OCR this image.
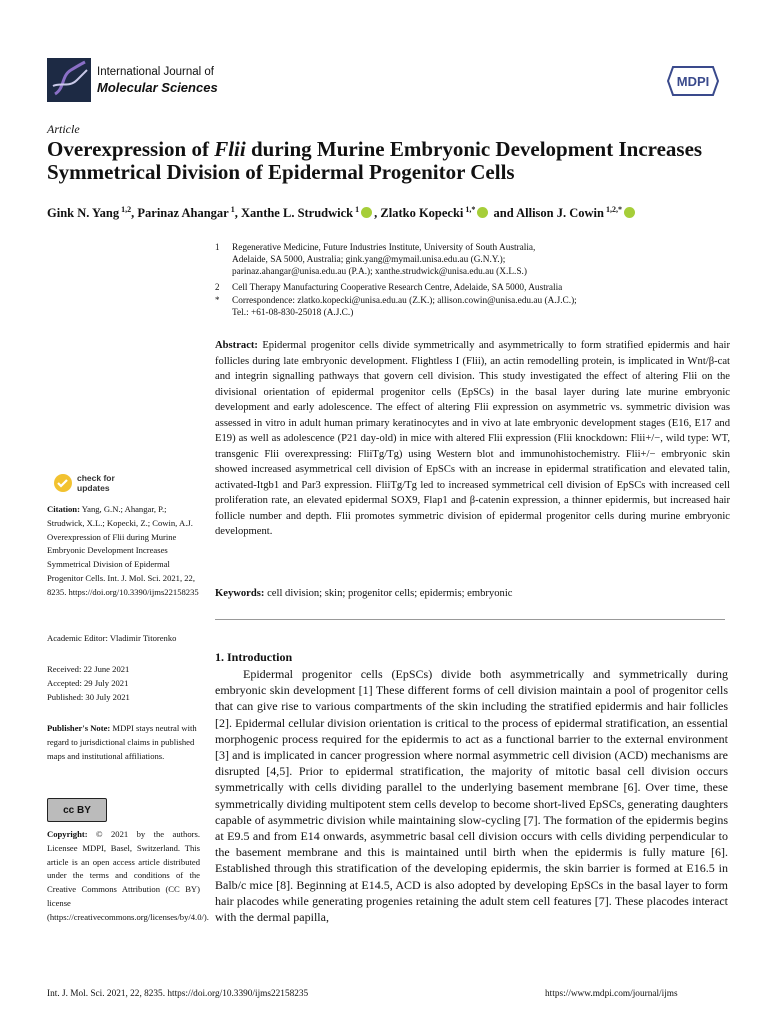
International Journal of
Molecular Sciences	MDPI
Article
Overexpression of Flii during Murine Embryonic Development Increases Symmetrical Division of Epidermal Progenitor Cells
Gink N. Yang $^{1,2}$, Parinaz Ahangar $^1$, Xanthe L. Strudwick $^1$ , Zlatko Kopecki $^{1,*}$ and Allison J. Cowin $^{1,2,*}$
1 Regenerative Medicine, Future Industries Institute, University of South Australia,
Adelaide, SA 5000, Australia; gink.yang@mymail.unisa.edu.au (G.N.Y.);
parinaz.ahangar@unisa.edu.au (P.A.); xanthe.strudwick@unisa.edu.au (X.L.S.)
2 Cell Therapy Manufacturing Cooperative Research Centre, Adelaide, SA 5000, Australia
* Correspondence: zlatko.kopecki@unisa.edu.au (Z.K.); allison.cowin@unisa.edu.au (A.J.C.);
Tel.: +61-08-830-25018 (A.J.C.)
Abstract: Epidermal progenitor cells divide symmetrically and asymmetrically to form stratified epidermis and hair follicles during late embryonic development. Flightless I (Flii), an actin remodelling protein, is implicated in Wnt/β-cat and integrin signalling pathways that govern cell division. This study investigated the effect of altering Flii on the divisional orientation of epidermal progenitor cells (EpSCs) in the basal layer during late murine embryonic development and early adolescence. The effect of altering Flii expression on asymmetric vs. symmetric division was assessed in vitro in adult human primary keratinocytes and in vivo at late embryonic development stages (E16, E17 and E19) as well as adolescence (P21 day-old) in mice with altered Flii expression (Flii knockdown: Flii+/−, wild type: WT, transgenic Flii overexpressing: FliiTg/Tg) using Western blot and immunohistochemistry. Flii+/− embryonic skin showed increased asymmetrical cell division of EpSCs with an increase in epidermal stratification and elevated talin, activated-Itgb1 and Par3 expression. FliiTg/Tg led to increased symmetrical cell division of EpSCs with increased cell proliferation rate, an elevated epidermal SOX9, Flap1 and β-catenin expression, a thinner epidermis, but increased hair follicle number and depth. Flii promotes symmetric division of epidermal progenitor cells during murine embryonic development.
Keywords: cell division; skin; progenitor cells; epidermis; embryonic
check for
updates
Citation: Yang, G.N.; Ahangar, P.; Strudwick, X.L.; Kopecki, Z.; Cowin, A.J. Overexpression of Flii during Murine Embryonic Development Increases Symmetrical Division of Epidermal Progenitor Cells. Int. J. Mol. Sci. 2021, 22, 8235. https://doi.org/10.3390/ijms22158235
Academic Editor: Vladimir Titorenko
Received: 22 June 2021
Accepted: 29 July 2021
Published: 30 July 2021
Publisher's Note: MDPI stays neutral with regard to jurisdictional claims in published maps and institutional affiliations.
cc BY
Copyright: © 2021 by the authors. Licensee MDPI, Basel, Switzerland. This article is an open access article distributed under the terms and conditions of the Creative Commons Attribution (CC BY) license (https://creativecommons.org/licenses/by/4.0/).
1. Introduction
Epidermal progenitor cells (EpSCs) divide both asymmetrically and symmetrically during embryonic skin development [1] These different forms of cell division maintain a pool of progenitor cells that can give rise to various compartments of the skin including the stratified epidermis and hair follicles [2]. Epidermal cellular division orientation is critical to the process of epidermal stratification, an essential morphogenic process required for the epidermis to act as a functional barrier to the external environment [3] and is implicated in cancer progression where normal asymmetric cell division (ACD) mechanisms are disrupted [4,5]. Prior to epidermal stratification, the majority of mitotic basal cell division occurs symmetrically with cells dividing parallel to the underlying basement membrane [6]. Over time, these symmetrically dividing multipotent stem cells develop to become short-lived EpSCs, generating daughters capable of asymmetric division while maintaining slow-cycling [7]. The formation of the epidermis begins at E9.5 and from E14 onwards, asymmetric basal cell division occurs with cells dividing perpendicular to the basement membrane and this is maintained until birth when the epidermis is fully mature [6]. Established through this stratification of the developing epidermis, the skin barrier is formed at E16.5 in Balb/c mice [8]. Beginning at E14.5, ACD is also adopted by developing EpSCs in the basal layer to form hair placodes while generating progenies retaining the adult stem cell features [7]. These placodes interact with the dermal papilla,
Int. J. Mol. Sci. 2021, 22, 8235. https://doi.org/10.3390/ijms22158235	https://www.mdpi.com/journal/ijms
